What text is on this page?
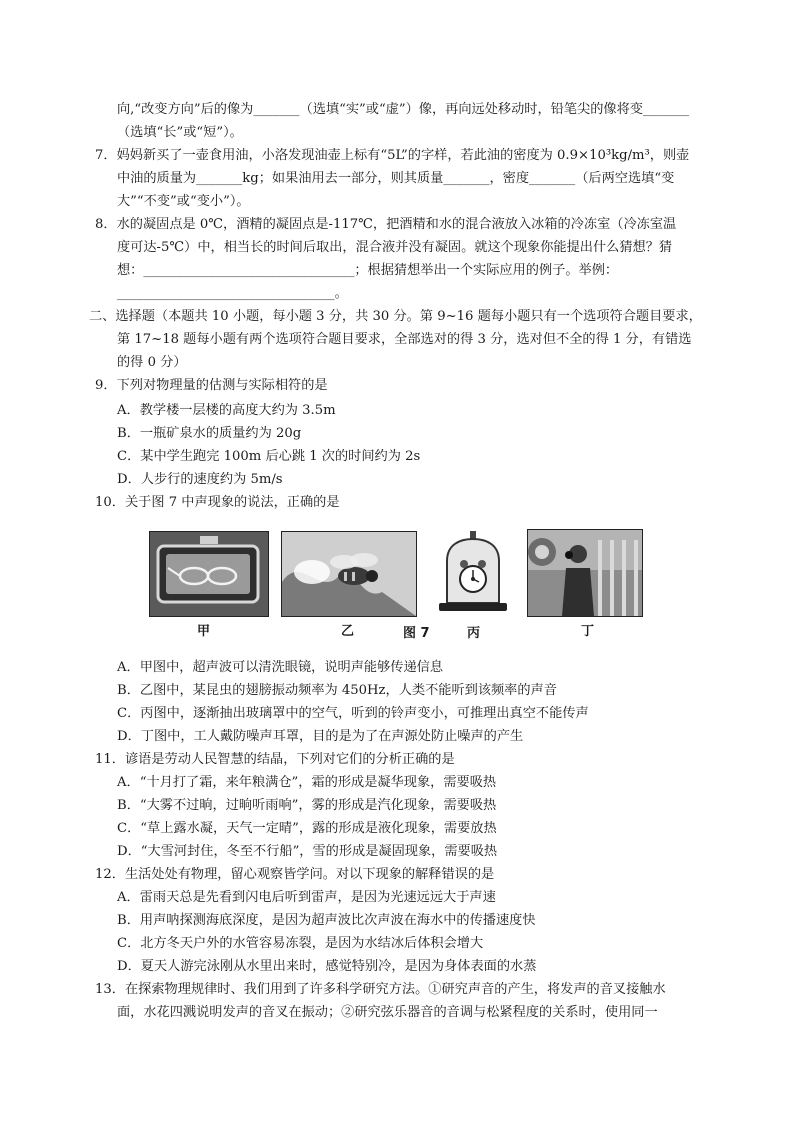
向,“改变方向”后的像为_______（选填“实”或“虚”）像，再向远处移动时，铅笔尖的像将变_______
（选填“长”或“短”）。
7．妈妈新买了一壶食用油，小洛发现油壶上标有“5L”的字样，若此油的密度为 0.9×10³kg/m³，则壶
中油的质量为_______kg；如果油用去一部分，则其质量_______，密度_______（后两空选填“变
大”“不变”或“变小”）。
8．水的凝固点是 0℃，酒精的凝固点是-117℃，把酒精和水的混合液放入冰箱的冷冻室（冷冻室温
度可达-5℃）中，相当长的时间后取出，混合液并没有凝固。就这个现象你能提出什么猜想？猜
想：________________________________；根据猜想举出一个实际应用的例子。举例：
_________________________________。
二、选择题（本题共 10 小题，每小题 3 分，共 30 分。第 9~16 题每小题只有一个选项符合题目要求，
第 17~18 题每小题有两个选项符合题目要求，全部选对的得 3 分，选对但不全的得 1 分，有错选
的得 0 分）
9．下列对物理量的估测与实际相符的是
A．教学楼一层楼的高度大约为 3.5m
B．一瓶矿泉水的质量约为 20g
C．某中学生跑完 100m 后心跳 1 次的时间约为 2s
D．人步行的速度约为 5m/s
10．关于图 7 中声现象的说法，正确的是
甲	乙	图 7	丙	丁
A．甲图中，超声波可以清洗眼镜，说明声能够传递信息
B．乙图中，某昆虫的翅膀振动频率为 450Hz，人类不能听到该频率的声音
C．丙图中，逐渐抽出玻璃罩中的空气，听到的铃声变小，可推理出真空不能传声
D．丁图中，工人戴防噪声耳罩，目的是为了在声源处防止噪声的产生
11．谚语是劳动人民智慧的结晶，下列对它们的分析正确的是
A．“十月打了霜，来年粮满仓”，霜的形成是凝华现象，需要吸热
B．“大雾不过晌，过晌听雨响”，雾的形成是汽化现象，需要吸热
C．“草上露水凝，天气一定晴”，露的形成是液化现象，需要放热
D．“大雪河封住，冬至不行船”，雪的形成是凝固现象，需要吸热
12．生活处处有物理，留心观察皆学问。对以下现象的解释错误的是
A．雷雨天总是先看到闪电后听到雷声，是因为光速远远大于声速
B．用声呐探测海底深度，是因为超声波比次声波在海水中的传播速度快
C．北方冬天户外的水管容易冻裂，是因为水结冰后体积会增大
D．夏天人游完泳刚从水里出来时，感觉特别冷，是因为身体表面的水蒸
13．在探索物理规律时、我们用到了许多科学研究方法。①研究声音的产生，将发声的音叉接触水
面，水花四溅说明发声的音叉在振动；②研究弦乐器音的音调与松紧程度的关系时，使用同一
